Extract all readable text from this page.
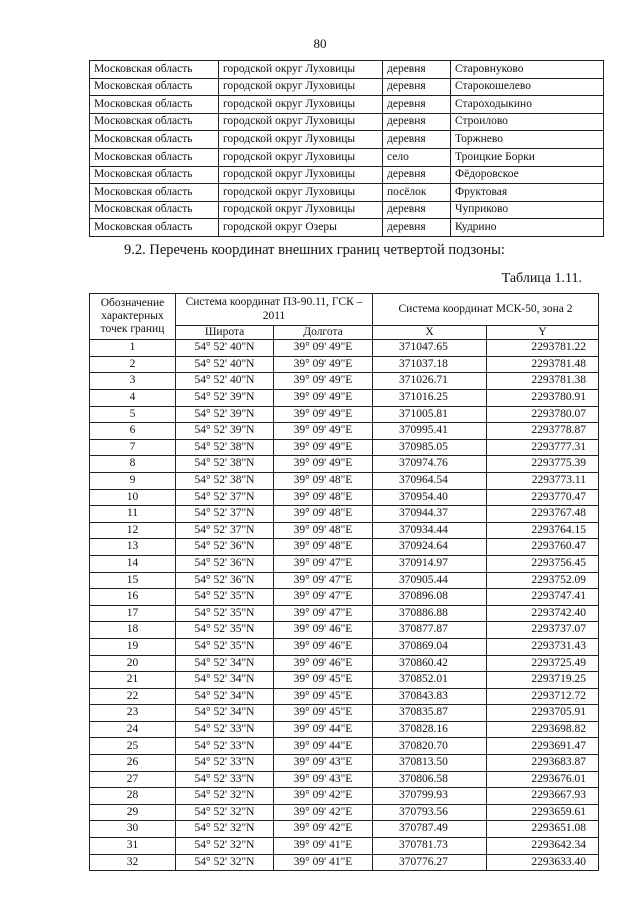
80
Московская область	городской округ Луховицы	деревня	Старовнуково
Московская область	городской округ Луховицы	деревня	Старокошелево
Московская область	городской округ Луховицы	деревня	Староходыкино
Московская область	городской округ Луховицы	деревня	Строилово
Московская область	городской округ Луховицы	деревня	Торжнево
Московская область	городской округ Луховицы	село	Троицкие Борки
Московская область	городской округ Луховицы	деревня	Фёдоровское
Московская область	городской округ Луховицы	посёлок	Фруктовая
Московская область	городской округ Луховицы	деревня	Чуприково
Московская область	городской округ Озеры	деревня	Кудрино
9.2. Перечень координат внешних границ четвертой подзоны:
Таблица 1.11.
Обозначение характерных точек границ	Система координат ПЗ-90.11, ГСК – 2011		Система координат МСК-50, зона 2	
	Широта	Долгота	X	Y
1	54° 52' 40"N	39° 09' 49"E	371047.65	2293781.22
2	54° 52' 40"N	39° 09' 49"E	371037.18	2293781.48
3	54° 52' 40"N	39° 09' 49"E	371026.71	2293781.38
4	54° 52' 39"N	39° 09' 49"E	371016.25	2293780.91
5	54° 52' 39"N	39° 09' 49"E	371005.81	2293780.07
6	54° 52' 39"N	39° 09' 49"E	370995.41	2293778.87
7	54° 52' 38"N	39° 09' 49"E	370985.05	2293777.31
8	54° 52' 38"N	39° 09' 49"E	370974.76	2293775.39
9	54° 52' 38"N	39° 09' 48"E	370964.54	2293773.11
10	54° 52' 37"N	39° 09' 48"E	370954.40	2293770.47
11	54° 52' 37"N	39° 09' 48"E	370944.37	2293767.48
12	54° 52' 37"N	39° 09' 48"E	370934.44	2293764.15
13	54° 52' 36"N	39° 09' 48"E	370924.64	2293760.47
14	54° 52' 36"N	39° 09' 47"E	370914.97	2293756.45
15	54° 52' 36"N	39° 09' 47"E	370905.44	2293752.09
16	54° 52' 35"N	39° 09' 47"E	370896.08	2293747.41
17	54° 52' 35"N	39° 09' 47"E	370886.88	2293742.40
18	54° 52' 35"N	39° 09' 46"E	370877.87	2293737.07
19	54° 52' 35"N	39° 09' 46"E	370869.04	2293731.43
20	54° 52' 34"N	39° 09' 46"E	370860.42	2293725.49
21	54° 52' 34"N	39° 09' 45"E	370852.01	2293719.25
22	54° 52' 34"N	39° 09' 45"E	370843.83	2293712.72
23	54° 52' 34"N	39° 09' 45"E	370835.87	2293705.91
24	54° 52' 33"N	39° 09' 44"E	370828.16	2293698.82
25	54° 52' 33"N	39° 09' 44"E	370820.70	2293691.47
26	54° 52' 33"N	39° 09' 43"E	370813.50	2293683.87
27	54° 52' 33"N	39° 09' 43"E	370806.58	2293676.01
28	54° 52' 32"N	39° 09' 42"E	370799.93	2293667.93
29	54° 52' 32"N	39° 09' 42"E	370793.56	2293659.61
30	54° 52' 32"N	39° 09' 42"E	370787.49	2293651.08
31	54° 52' 32"N	39° 09' 41"E	370781.73	2293642.34
32	54° 52' 32"N	39° 09' 41"E	370776.27	2293633.40
